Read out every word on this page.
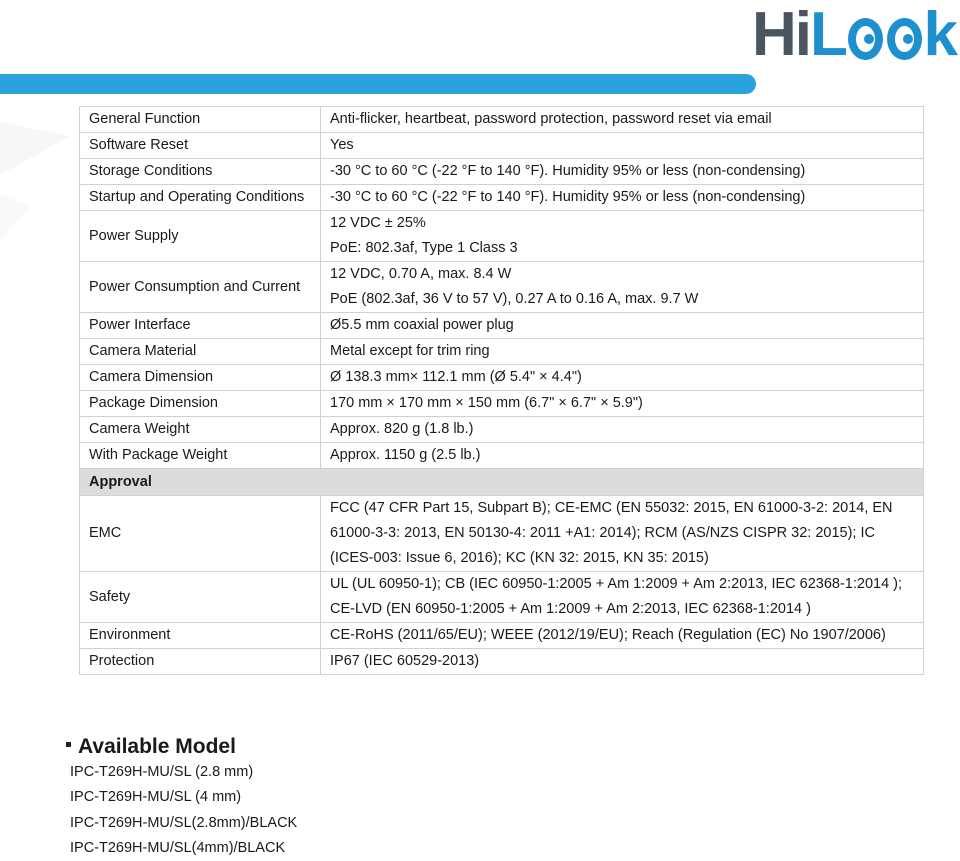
Hi L k
General Function	Anti-flicker, heartbeat, password protection, password reset via email

Software Reset	Yes

Storage Conditions	-30 °C to 60 °C (-22 °F to 140 °F). Humidity 95% or less (non-condensing)

Startup and Operating Conditions	-30 °C to 60 °C (-22 °F to 140 °F). Humidity 95% or less (non-condensing)

Power Supply	12 VDC ± 25%
PoE: 802.3af, Type 1 Class 3

Power Consumption and Current	12 VDC, 0.70 A, max. 8.4 W
PoE (802.3af, 36 V to 57 V), 0.27 A to 0.16 A, max. 9.7 W

Power Interface	Ø5.5 mm coaxial power plug

Camera Material	Metal except for trim ring

Camera Dimension	Ø 138.3 mm× 112.1 mm (Ø 5.4" × 4.4")

Package Dimension	170 mm × 170 mm × 150 mm (6.7" × 6.7" × 5.9")

Camera Weight	Approx. 820 g (1.8 lb.)

With Package Weight	Approx. 1150 g (2.5 lb.)

Approval	
EMC	FCC (47 CFR Part 15, Subpart B); CE-EMC (EN 55032: 2015, EN 61000-3-2: 2014, EN 61000-3-3: 2013, EN 50130-4: 2011 +A1: 2014); RCM (AS/NZS CISPR 32: 2015); IC (ICES-003: Issue 6, 2016); KC (KN 32: 2015, KN 35: 2015)

Safety	UL (UL 60950-1); CB (IEC 60950-1:2005 + Am 1:2009 + Am 2:2013, IEC 62368-1:2014 );
CE-LVD (EN 60950-1:2005 + Am 1:2009 + Am 2:2013, IEC 62368-1:2014 )

Environment	CE-RoHS (2011/65/EU); WEEE (2012/19/EU); Reach (Regulation (EC) No 1907/2006)

Protection	IP67 (IEC 60529-2013)
Available Model
IPC-T269H-MU/SL (2.8 mm)
IPC-T269H-MU/SL (4 mm)
IPC-T269H-MU/SL(2.8mm)/BLACK
IPC-T269H-MU/SL(4mm)/BLACK
